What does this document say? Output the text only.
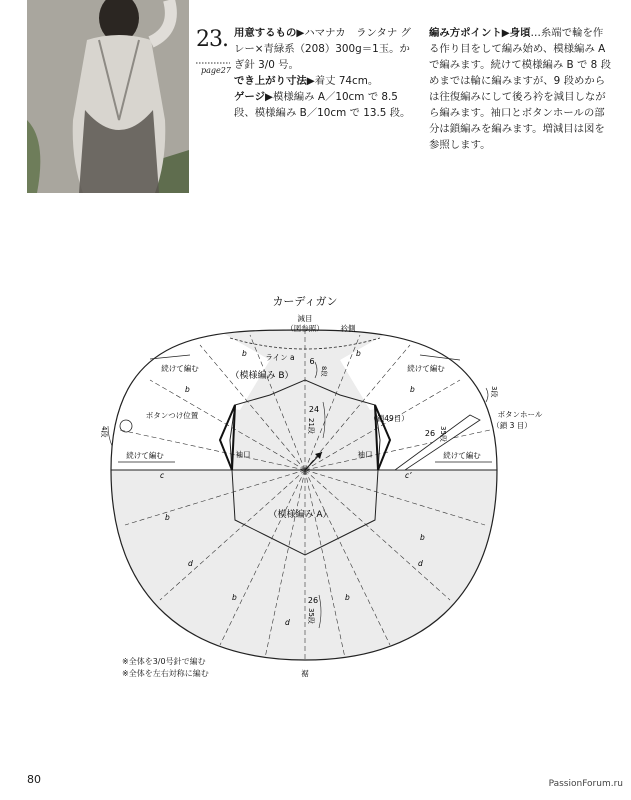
23.
page27
用意するもの▶ハマナカ　ランタナ グレー×青緑系（208）300g＝1玉。かぎ針 3/0 号。
でき上がり寸法▶着丈 74cm。
ゲージ▶模様編み A／10cm で 8.5 段、模様編み B／10cm で 13.5 段。
編み方ポイント▶身頃…糸端で輪を作る作り目をして編み始め、模様編み A で編みます。続けて模様編み B で 8 段めまでは輪に編みますが、9 段めからは往復編みにして後ろ衿を減目しながら編みます。袖口とボタンホールの部分は鎖編みを編みます。増減目は図を参照します。
カーディガン
減目
（図参照） 衿側
ライン a
（模様編み B）
（模様編み A）
続けて編む	続けて編む
続けて編む	続けて編む
ボタンつけ位置	ボタンホール
（鎖 3 目）
袖口	袖口
（鎖49目）
6
8段
24
21段	26 35段
26
35段
3段
4段
裾
b	b
b	b
c	c’
b
b
d	d
b	b
d
※全体を3/0号針で編む
※全体を左右対称に編む
80	PassionForum.ru
